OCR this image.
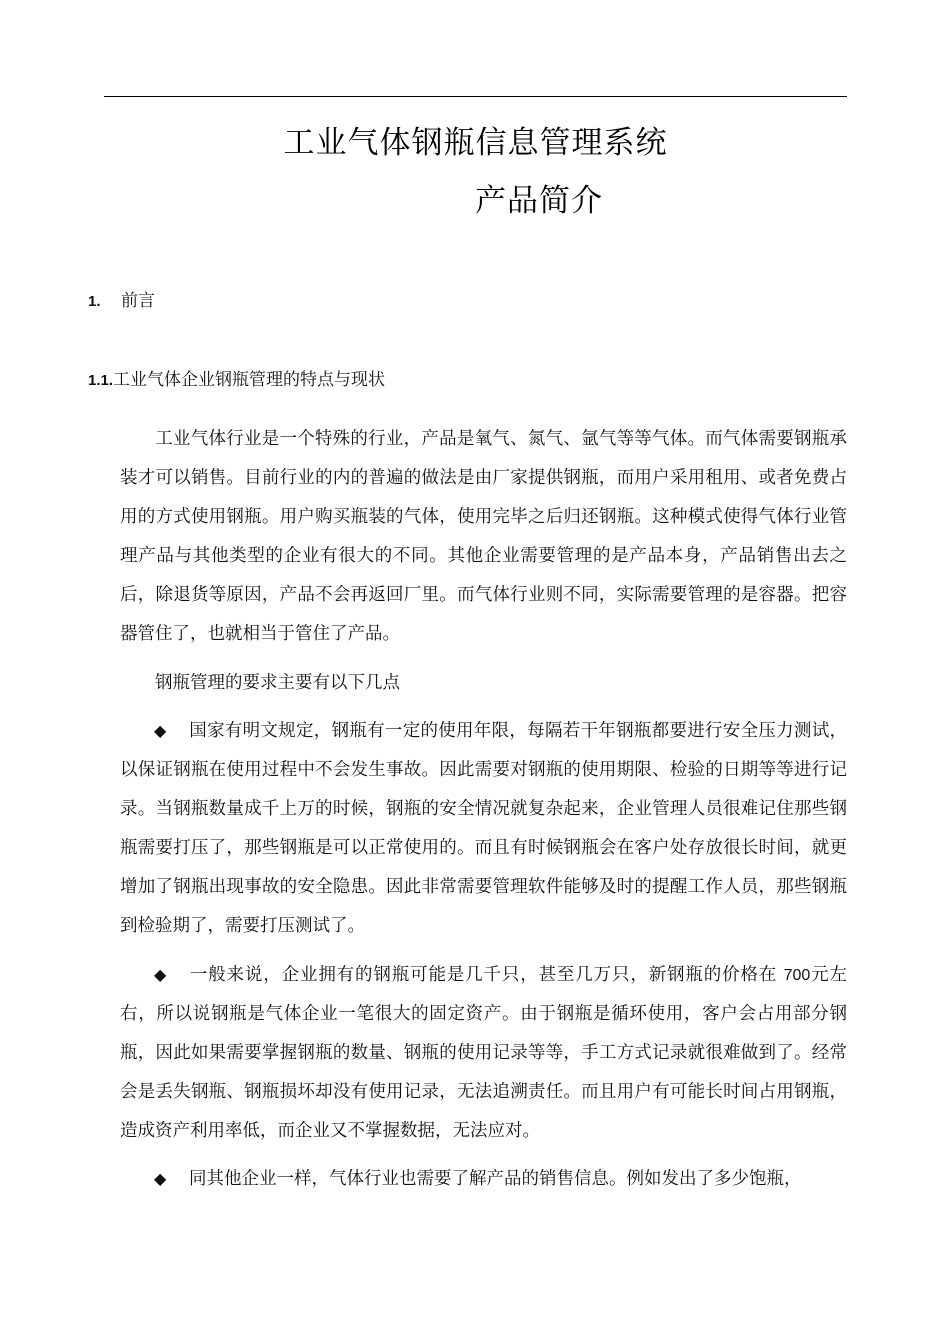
工业气体钢瓶信息管理系统
产品简介
1. 前言
1.1.工业气体企业钢瓶管理的特点与现状
工业气体行业是一个特殊的行业，产品是氧气、氮气、氩气等等气体。而气体需要钢瓶承装才可以销售。目前行业的内的普遍的做法是由厂家提供钢瓶，而用户采用租用、或者免费占用的方式使用钢瓶。用户购买瓶装的气体，使用完毕之后归还钢瓶。这种模式使得气体行业管理产品与其他类型的企业有很大的不同。其他企业需要管理的是产品本身，产品销售出去之后，除退货等原因，产品不会再返回厂里。而气体行业则不同，实际需要管理的是容器。把容器管住了，也就相当于管住了产品。
钢瓶管理的要求主要有以下几点
◆ 国家有明文规定，钢瓶有一定的使用年限，每隔若干年钢瓶都要进行安全压力测试，以保证钢瓶在使用过程中不会发生事故。因此需要对钢瓶的使用期限、检验的日期等等进行记录。当钢瓶数量成千上万的时候，钢瓶的安全情况就复杂起来，企业管理人员很难记住那些钢瓶需要打压了，那些钢瓶是可以正常使用的。而且有时候钢瓶会在客户处存放很长时间，就更增加了钢瓶出现事故的安全隐患。因此非常需要管理软件能够及时的提醒工作人员，那些钢瓶到检验期了，需要打压测试了。
◆ 一般来说，企业拥有的钢瓶可能是几千只，甚至几万只，新钢瓶的价格在 700元左右，所以说钢瓶是气体企业一笔很大的固定资产。由于钢瓶是循环使用，客户会占用部分钢瓶，因此如果需要掌握钢瓶的数量、钢瓶的使用记录等等，手工方式记录就很难做到了。经常会是丢失钢瓶、钢瓶损坏却没有使用记录，无法追溯责任。而且用户有可能长时间占用钢瓶，造成资产利用率低，而企业又不掌握数据，无法应对。
◆ 同其他企业一样，气体行业也需要了解产品的销售信息。例如发出了多少饱瓶，
